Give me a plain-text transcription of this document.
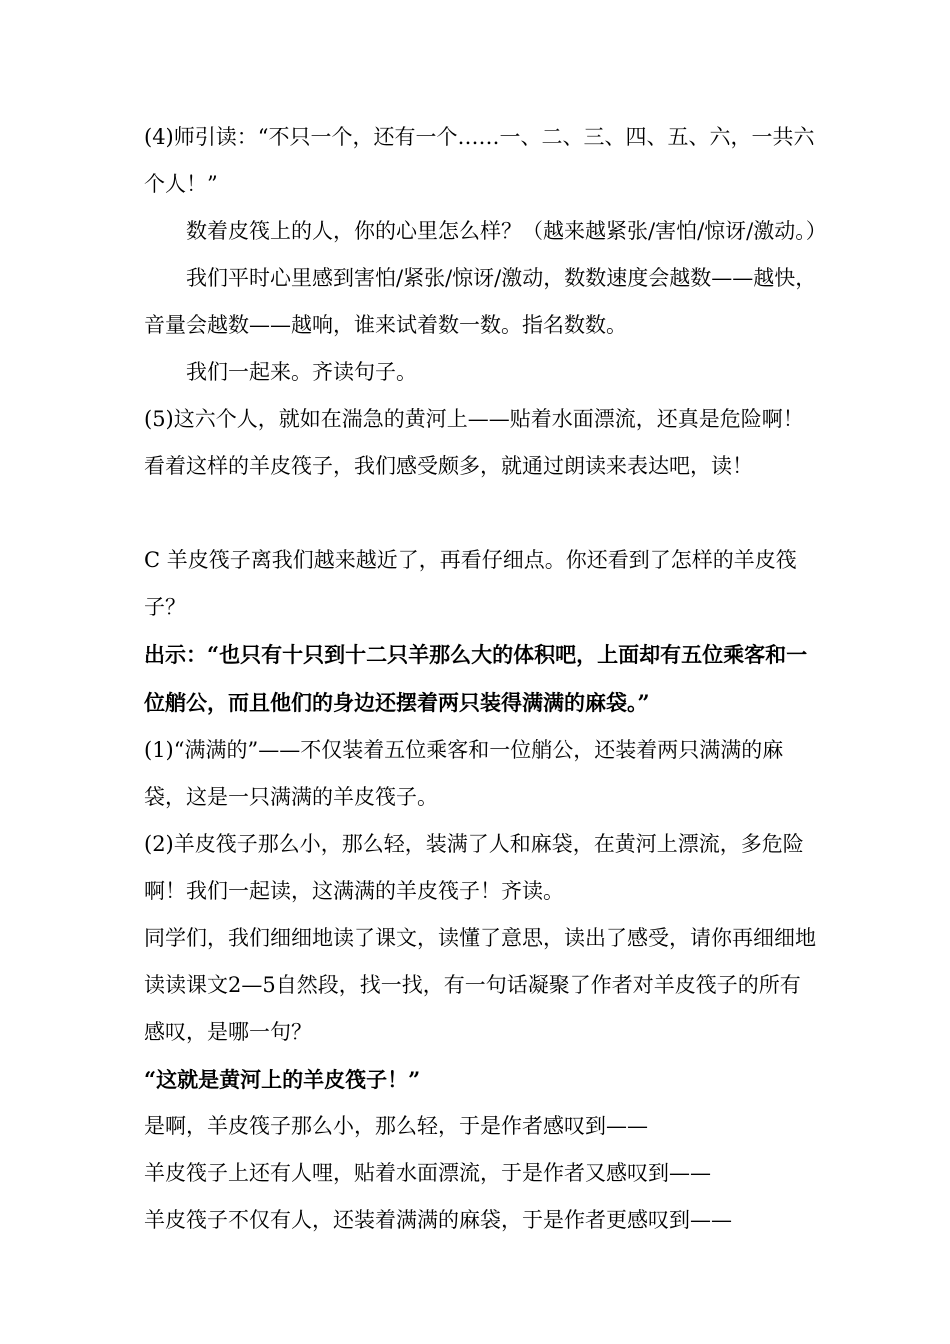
(4)师引读：“不只一个，还有一个……一、二、三、四、五、六，一共六个人！”

数着皮筏上的人，你的心里怎么样？（越来越紧张/害怕/惊讶/激动。）

我们平时心里感到害怕/紧张/惊讶/激动，数数速度会越数——越快，音量会越数——越响，谁来试着数一数。指名数数。

我们一起来。齐读句子。

(5)这六个人，就如在湍急的黄河上——贴着水面漂流，还真是危险啊！看着这样的羊皮筏子，我们感受颇多，就通过朗读来表达吧，读！

C 羊皮筏子离我们越来越近了，再看仔细点。你还看到了怎样的羊皮筏子？

出示：“也只有十只到十二只羊那么大的体积吧，上面却有五位乘客和一位艄公，而且他们的身边还摆着两只装得满满的麻袋。”

(1)“满满的”——不仅装着五位乘客和一位艄公，还装着两只满满的麻袋，这是一只满满的羊皮筏子。

(2)羊皮筏子那么小，那么轻，装满了人和麻袋，在黄河上漂流，多危险啊！我们一起读，这满满的羊皮筏子！齐读。

同学们，我们细细地读了课文，读懂了意思，读出了感受，请你再细细地读读课文2—5自然段，找一找，有一句话凝聚了作者对羊皮筏子的所有感叹，是哪一句？

“这就是黄河上的羊皮筏子！”

是啊，羊皮筏子那么小，那么轻，于是作者感叹到——

羊皮筏子上还有人哩，贴着水面漂流，于是作者又感叹到——

羊皮筏子不仅有人，还装着满满的麻袋，于是作者更感叹到——
